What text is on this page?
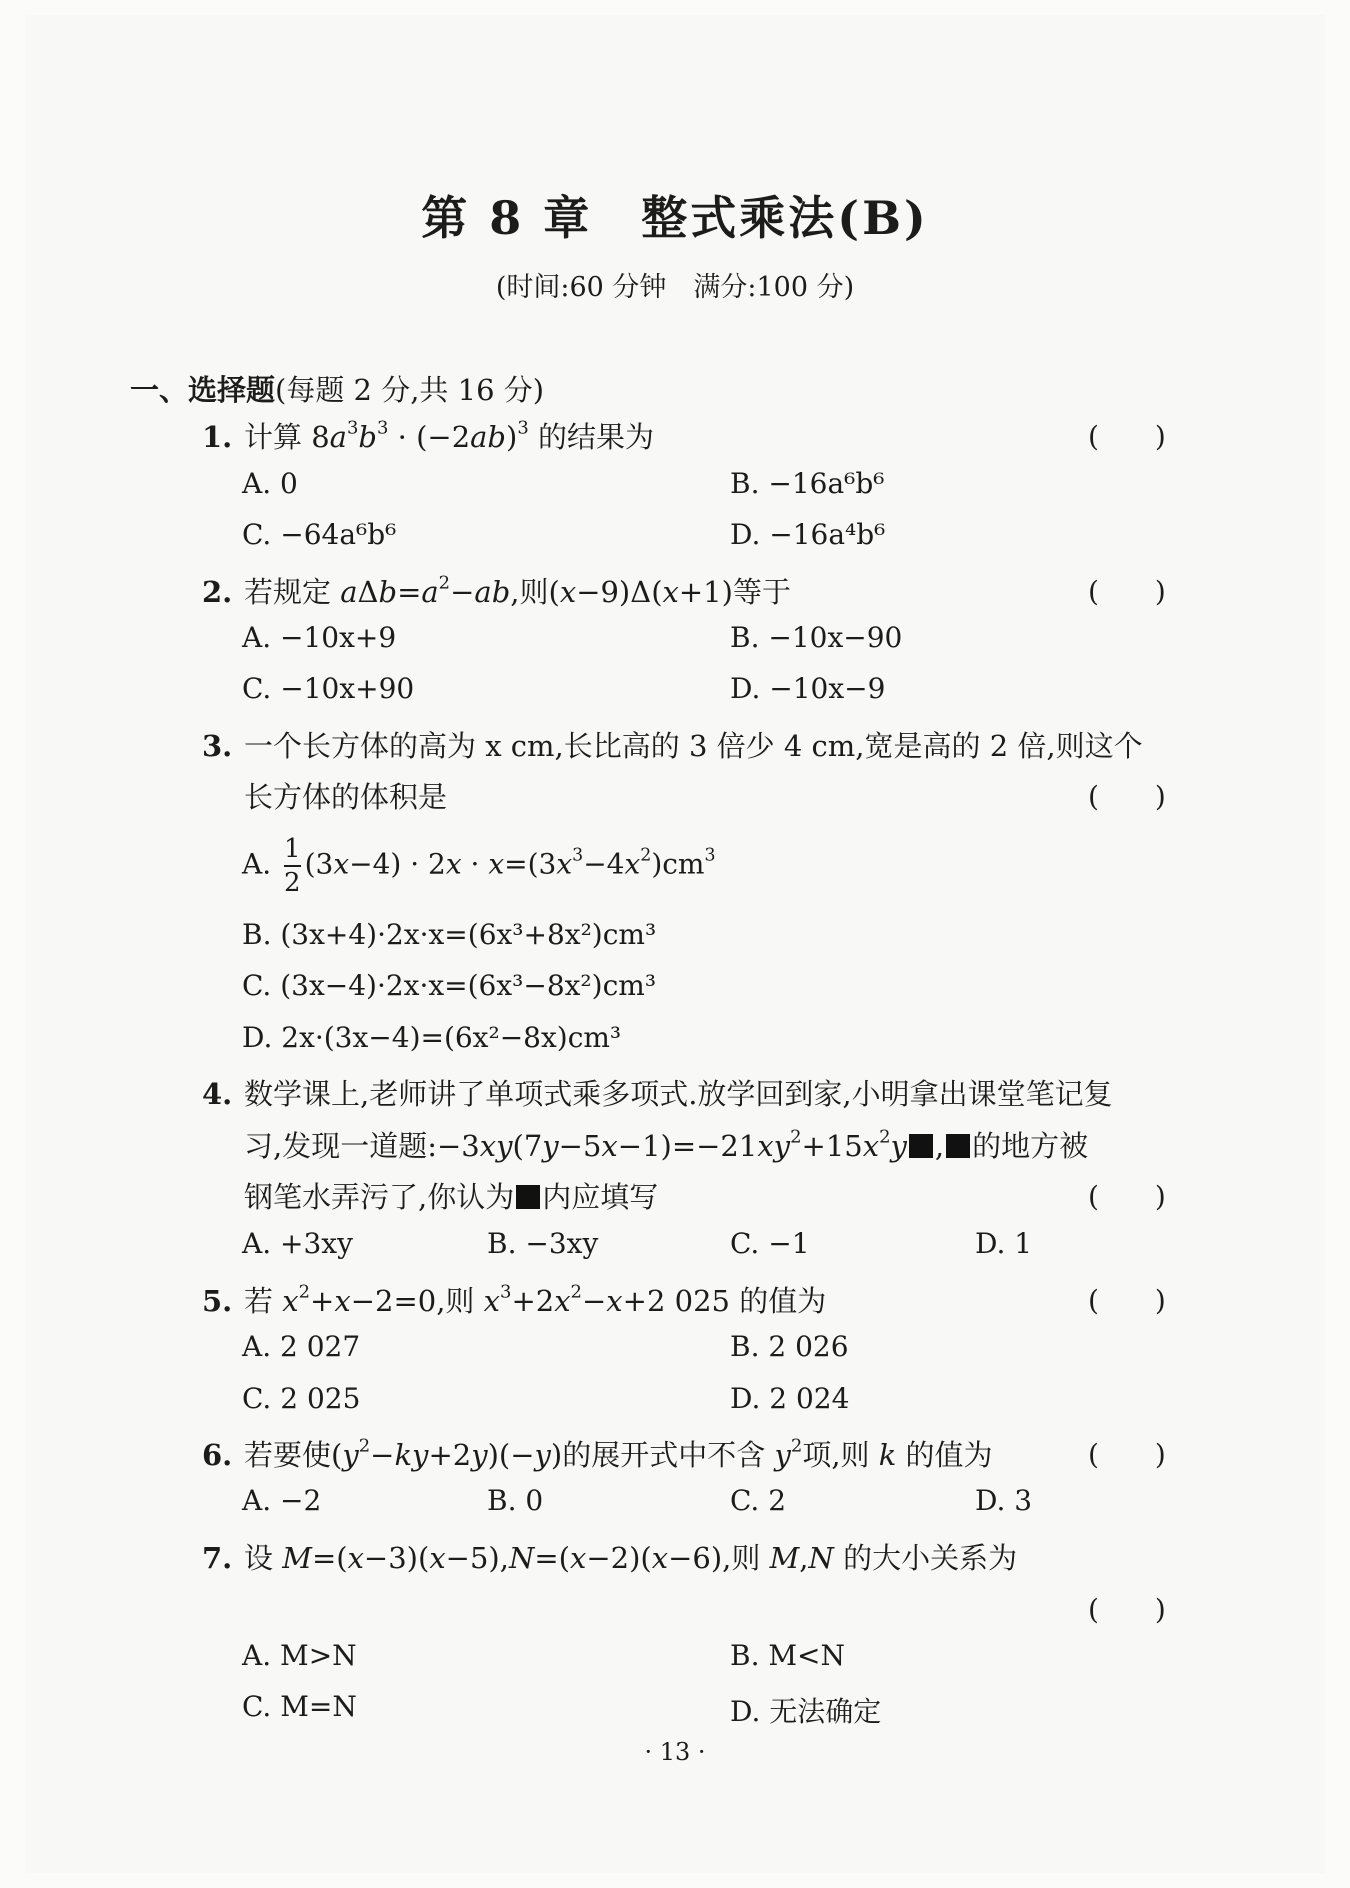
第 8 章　整式乘法(B)
(时间:60 分钟　满分:100 分)
一、选择题(每题 2 分,共 16 分)
1. 计算 $8a^3b^3 \cdot (-2ab)^3$ 的结果为	(　　)
A. 0	B. −16a⁶b⁶
C. −64a⁶b⁶	D. −16a⁴b⁶
2. 若规定 $a\Delta b=a^2-ab$,则(x−9)Δ(x+1)等于	(　　)
A. −10x+9	B. −10x−90
C. −10x+90	D. −10x−9
3. 一个长方体的高为 x cm,长比高的 3 倍少 4 cm,宽是高的 2 倍,则这个
长方体的体积是	(　　)
A. $\frac{1}{2} (3x-4) \cdot 2x \cdot x=(3x^3-4x^2)cm^3$
B. (3x+4)·2x·x=(6x³+8x²)cm³
C. (3x−4)·2x·x=(6x³−8x²)cm³
D. 2x·(3x−4)=(6x²−8x)cm³
4. 数学课上,老师讲了单项式乘多项式.放学回到家,小明拿出课堂笔记复
习,发现一道题$:-3xy(7y-5x-1)=-21xy^2+15x^2y$ , 的地方被
钢笔水弄污了,你认为 内应填写	(　　)
A. +3xy	B. −3xy	C. −1	D. 1
5. 若 $x^2+x-2=0$,则 $x^3+2x^2-x+2$ 025 的值为	(　　)
A. 2 027	B. 2 026
C. 2 025	D. 2 024
6. 若要使$(y^2-ky+2y)(-y)$的展开式中不含 $y^2$项,则 k 的值为	(　　)
A. −2	B. 0	C. 2	D. 3
7. 设 M=(x−3)(x−5),N=(x−2)(x−6),则 M,N 的大小关系为
(　　)
A. M>N	B. M<N
C. M=N	D. 无法确定
· 13 ·
